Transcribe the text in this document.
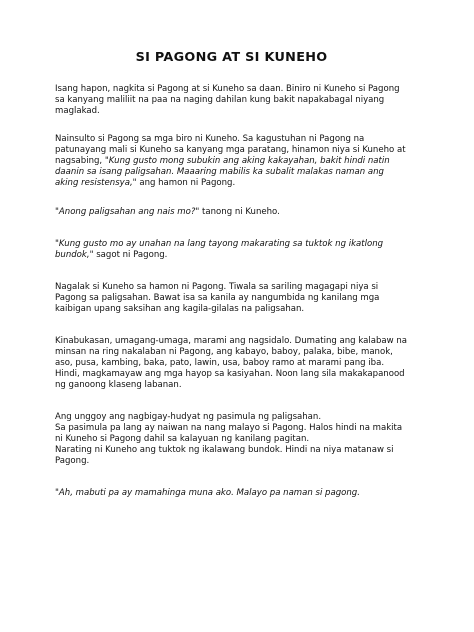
SI PAGONG AT SI KUNEHO

Isang hapon, nagkita si Pagong at si Kuneho sa daan. Biniro ni Kuneho si Pagong sa kanyang maliliit na paa na naging dahilan kung bakit napakabagal niyang maglakad.

Nainsulto si Pagong sa mga biro ni Kuneho. Sa kagustuhan ni Pagong na patunayang mali si Kuneho sa kanyang mga paratang, hinamon niya si Kuneho at nagsabing, "Kung gusto mong subukin ang aking kakayahan, bakit hindi natin daanin sa isang paligsahan. Maaaring mabilis ka subalit malakas naman ang aking resistensya," ang hamon ni Pagong.

"Anong paligsahan ang nais mo?" tanong ni Kuneho.

"Kung gusto mo ay unahan na lang tayong makarating sa tuktok ng ikatlong bundok," sagot ni Pagong.

Nagalak si Kuneho sa hamon ni Pagong. Tiwala sa sariling magagapi niya si Pagong sa paligsahan. Bawat isa sa kanila ay nangumbida ng kanilang mga kaibigan upang saksihan ang kagila-gilalas na paligsahan.

Kinabukasan, umagang-umaga, marami ang nagsidalo. Dumating ang kalabaw na minsan na ring nakalaban ni Pagong, ang kabayo, baboy, palaka, bibe, manok, aso, pusa, kambing, baka, pato, lawin, usa, baboy ramo at marami pang iba. Hindi, magkamayaw ang mga hayop sa kasiyahan. Noon lang sila makakapanood ng ganoong klaseng labanan.

Ang unggoy ang nagbigay-hudyat ng pasimula ng paligsahan.
Sa pasimula pa lang ay naiwan na nang malayo si Pagong. Halos hindi na makita ni Kuneho si Pagong dahil sa kalayuan ng kanilang pagitan.
Narating ni Kuneho ang tuktok ng ikalawang bundok. Hindi na niya matanaw si Pagong.

"Ah, mabuti pa ay mamahinga muna ako. Malayo pa naman si pagong.
